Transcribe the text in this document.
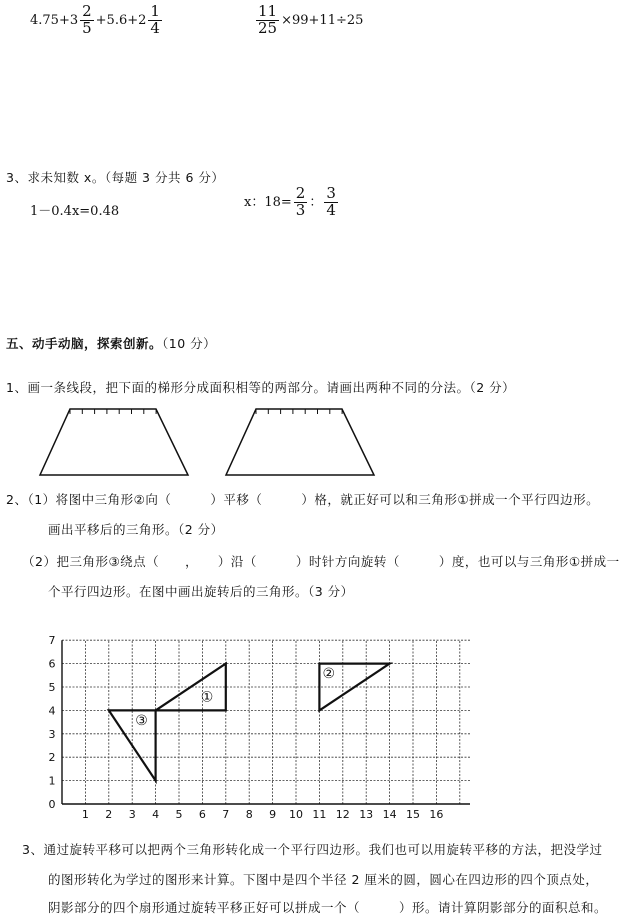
$4.75+3 \frac{2}{5} +5.6+2 \frac{1}{4}$	$\frac{11}{25} \times 99+11\div 25$
3、求未知数 x。（每题 3 分共 6 分）
1－0.4x=0.48
x：$18= \frac{2}{3}$ ： $\frac{3}{4}$
五、动手动脑，探索创新。（10 分）
1、画一条线段，把下面的梯形分成面积相等的两部分。请画出两种不同的分法。（2 分）
2、（1）将图中三角形②向（　　　）平移（　　　）格，就正好可以和三角形①拼成一个平行四边形。
画出平移后的三角形。（2 分）
（2）把三角形③绕点（　　，　　）沿（　　　）时针方向旋转（　　　）度，也可以与三角形①拼成一
个平行四边形。在图中画出旋转后的三角形。（3 分）
0
1 2 3 4 5 6 7 8 9 10 11 12 13 14 15 16
1
2
3
4
5
6
7
①
②
③
3、通过旋转平移可以把两个三角形转化成一个平行四边形。我们也可以用旋转平移的方法，把没学过
的图形转化为学过的图形来计算。下图中是四个半径 2 厘米的圆，圆心在四边形的四个顶点处，
阴影部分的四个扇形通过旋转平移正好可以拼成一个（　　　）形。请计算阴影部分的面积总和。
